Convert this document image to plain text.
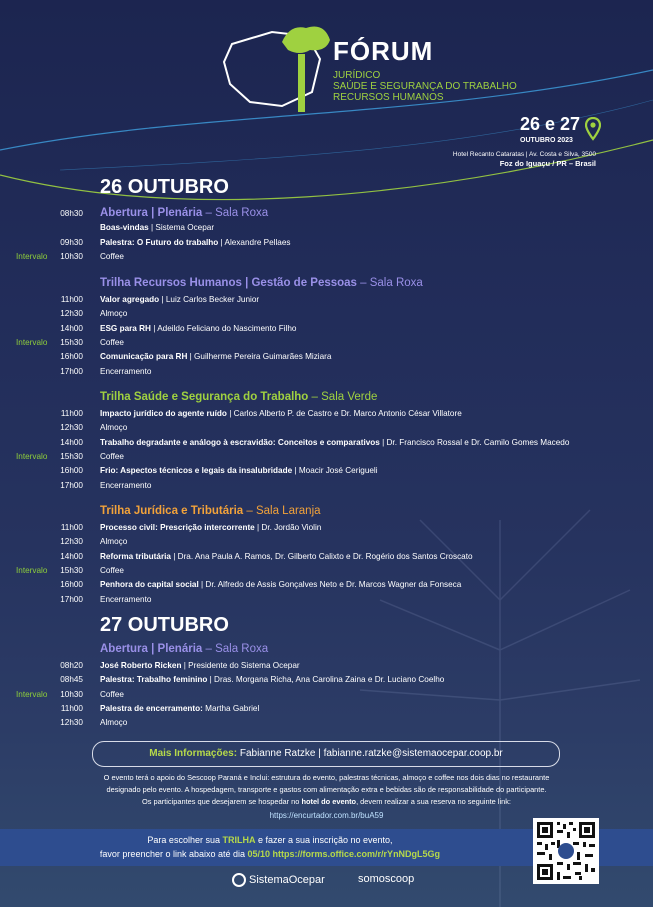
FÓRUM
JURÍDICO
SAÚDE E SEGURANÇA DO TRABALHO
RECURSOS HUMANOS
26 e 27
OUTUBRO 2023
Hotel Recanto Cataratas | Av. Costa e Silva, 3500
Foz do Iguaçu / PR – Brasil
26 OUTUBRO
Abertura | Plenária – Sala Roxa
08h30
Boas-vindas | Sistema Ocepar
09h30 Palestra: O Futuro do trabalho | Alexandre Pellaes
Intervalo 10h30 Coffee
Trilha Recursos Humanos | Gestão de Pessoas – Sala Roxa
11h00 Valor agregado | Luiz Carlos Becker Junior
12h30 Almoço
14h00 ESG para RH | Adeildo Feliciano do Nascimento Filho
Intervalo 15h30 Coffee
16h00 Comunicação para RH | Guilherme Pereira Guimarães Miziara
17h00 Encerramento
Trilha Saúde e Segurança do Trabalho – Sala Verde
11h00 Impacto jurídico do agente ruído | Carlos Alberto P. de Castro e Dr. Marco Antonio César Villatore
12h30 Almoço
14h00 Trabalho degradante e análogo à escravidão: Conceitos e comparativos | Dr. Francisco Rossal e Dr. Camilo Gomes Macedo
Intervalo 15h30 Coffee
16h00 Frio: Aspectos técnicos e legais da insalubridade | Moacir José Cerigueli
17h00 Encerramento
Trilha Jurídica e Tributária – Sala Laranja
11h00 Processo civil: Prescrição intercorrente | Dr. Jordão Violin
12h30 Almoço
14h00 Reforma tributária | Dra. Ana Paula A. Ramos, Dr. Gilberto Calixto e Dr. Rogério dos Santos Croscato
Intervalo 15h30 Coffee
16h00 Penhora do capital social | Dr. Alfredo de Assis Gonçalves Neto e Dr. Marcos Wagner da Fonseca
17h00 Encerramento
27 OUTUBRO
Abertura | Plenária – Sala Roxa
08h20 José Roberto Ricken | Presidente do Sistema Ocepar
08h45 Palestra: Trabalho feminino | Dras. Morgana Richa, Ana Carolina Zaina e Dr. Luciano Coelho
Intervalo 10h30 Coffee
11h00 Palestra de encerramento: Martha Gabriel
12h30 Almoço
Mais Informações: Fabianne Ratzke | fabianne.ratzke@sistemaocepar.coop.br
O evento terá o apoio do Sescoop Paraná e Inclui: estrutura do evento, palestras técnicas, almoço e coffee nos dois dias no restaurante
designado pelo evento. A hospedagem, transporte e gastos com alimentação extra e bebidas são de responsabilidade do participante.
Os participantes que desejarem se hospedar no hotel do evento, devem realizar a sua reserva no seguinte link:
https://encurtador.com.br/buA59
Para escolher sua TRILHA e fazer a sua inscrição no evento,
favor preencher o link abaixo até dia 05/10 https://forms.office.com/r/rYnNDgL5Gg
SistemaOcepar	somoscoop
